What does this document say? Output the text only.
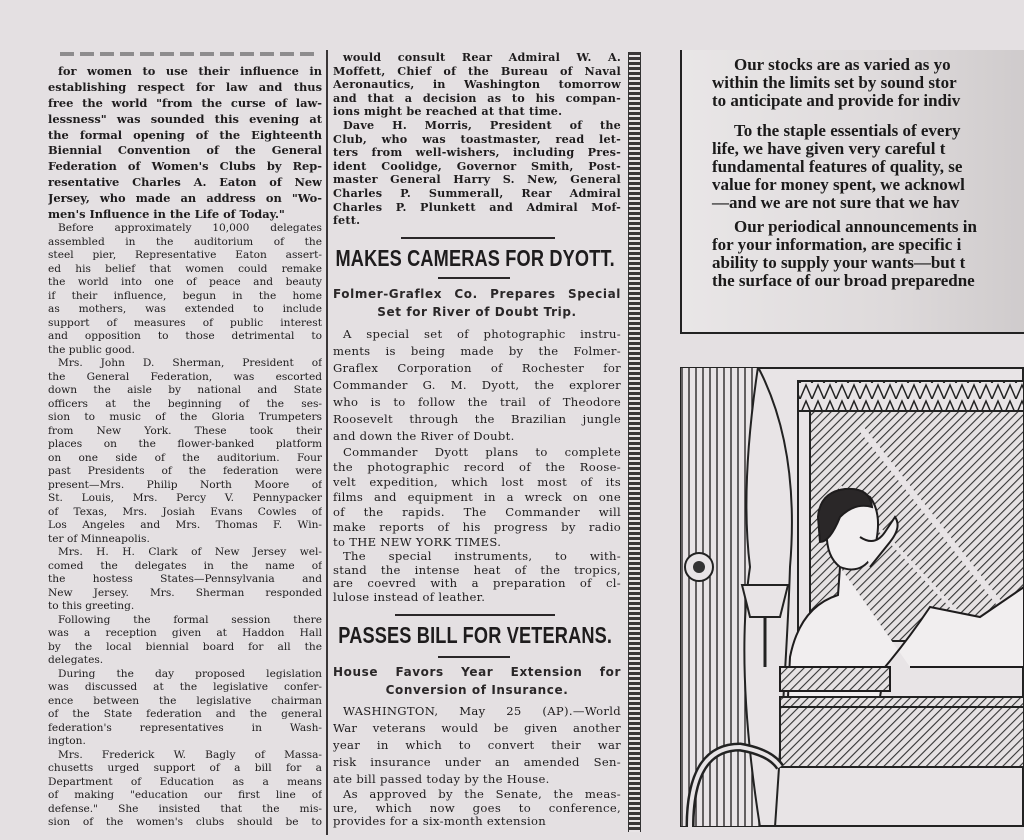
for women to use their influence in
establishing respect for law and thus
free the world "from the curse of law-
lessness" was sounded this evening at
the formal opening of the Eighteenth
Biennial Convention of the General
Federation of Women's Clubs by Rep-
resentative Charles A. Eaton of New
Jersey, who made an address on "Wo-
men's Influence in the Life of Today."
Before approximately 10,000 delegates
assembled in the auditorium of the
steel pier, Representative Eaton assert-
ed his belief that women could remake
the world into one of peace and beauty
if their influence, begun in the home
as mothers, was extended to include
support of measures of public interest
and opposition to those detrimental to
the public good.
Mrs. John D. Sherman, President of
the General Federation, was escorted
down the aisle by national and State
officers at the beginning of the ses-
sion to music of the Gloria Trumpeters
from New York. These took their
places on the flower-banked platform
on one side of the auditorium. Four
past Presidents of the federation were
present—Mrs. Philip North Moore of
St. Louis, Mrs. Percy V. Pennypacker
of Texas, Mrs. Josiah Evans Cowles of
Los Angeles and Mrs. Thomas F. Win-
ter of Minneapolis.
Mrs. H. H. Clark of New Jersey wel-
comed the delegates in the name of
the hostess States—Pennsylvania and
New Jersey. Mrs. Sherman responded
to this greeting.
Following the formal session there
was a reception given at Haddon Hall
by the local biennial board for all the
delegates.
During the day proposed legislation
was discussed at the legislative confer-
ence between the legislative chairman
of the State federation and the general
federation's representatives in Wash-
ington.
Mrs. Frederick W. Bagly of Massa-
chusetts urged support of a bill for a
Department of Education as a means
of making "education our first line of
defense." She insisted that the mis-
sion of the women's clubs should be to
would consult Rear Admiral W. A.
Moffett, Chief of the Bureau of Naval
Aeronautics, in Washington tomorrow
and that a decision as to his compan-
ions might be reached at that time.
Dave H. Morris, President of the
Club, who was toastmaster, read let-
ters from well-wishers, including Pres-
ident Coolidge, Governor Smith, Post-
master General Harry S. New, General
Charles P. Summerall, Rear Admiral
Charles P. Plunkett and Admiral Mof-
fett.
MAKES CAMERAS FOR DYOTT.
Folmer-Graflex Co. Prepares Special
Set for River of Doubt Trip.
A special set of photographic instru-
ments is being made by the Folmer-
Graflex Corporation of Rochester for
Commander G. M. Dyott, the explorer
who is to follow the trail of Theodore
Roosevelt through the Brazilian jungle
and down the River of Doubt.
Commander Dyott plans to complete
the photographic record of the Roose-
velt expedition, which lost most of its
films and equipment in a wreck on one
of the rapids. The Commander will
make reports of his progress by radio
to THE NEW YORK TIMES.
The special instruments, to with-
stand the intense heat of the tropics,
are coevred with a preparation of cl-
lulose instead of leather.
PASSES BILL FOR VETERANS.
House Favors Year Extension for
Conversion of Insurance.
WASHINGTON, May 25 (AP).—World
War veterans would be given another
year in which to convert their war
risk insurance under an amended Sen-
ate bill passed today by the House.
As approved by the Senate, the meas-
ure, which now goes to conference,
provides for a six-month extension
Our stocks are as varied as yo
within the limits set by sound stor
to anticipate and provide for indiv
To the staple essentials of every
life, we have given very careful t
fundamental features of quality, se
value for money spent, we acknowl
—and we are not sure that we hav
Our periodical announcements in
for your information, are specific i
ability to supply your wants—but t
the surface of our broad preparedne
